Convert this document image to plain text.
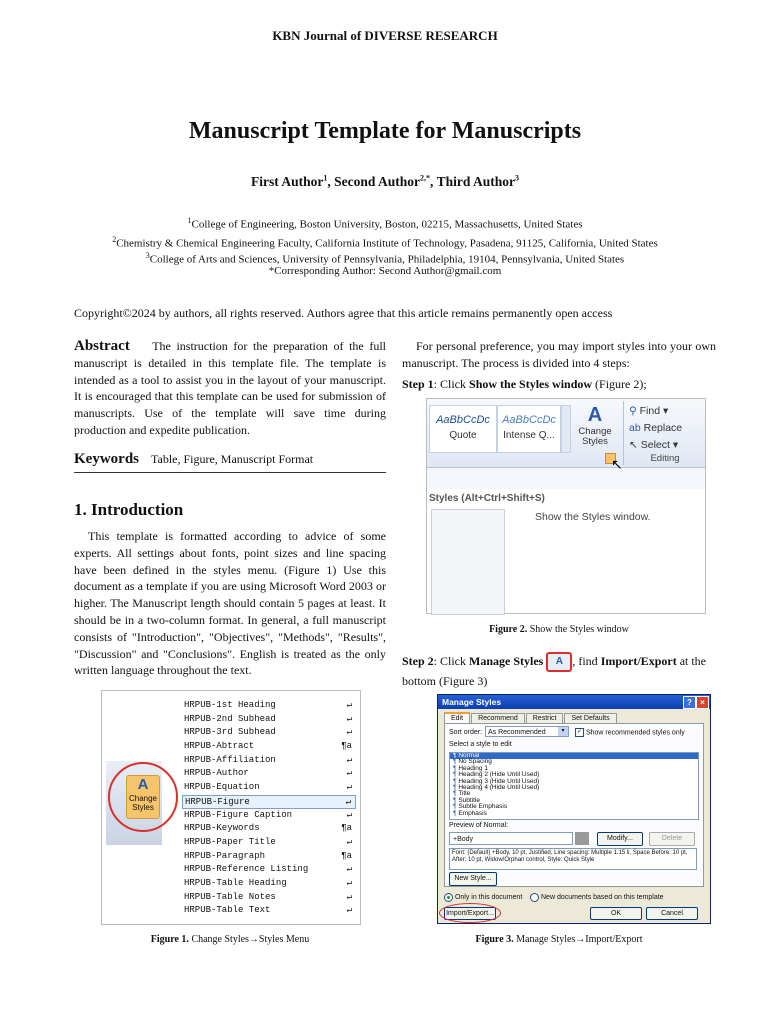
KBN Journal of DIVERSE RESEARCH
Manuscript Template for Manuscripts
First Author$^1$, Second Author$^{2,*}$, Third Author$^3$
$^1$College of Engineering, Boston University, Boston, 02215, Massachusetts, United States
$^2$Chemistry & Chemical Engineering Faculty, California Institute of Technology, Pasadena, 91125, California, United States
$^3$College of Arts and Sciences, University of Pennsylvania, Philadelphia, 19104, Pennsylvania, United States
*Corresponding Author: Second Author@gmail.com
Copyright©2024 by authors, all rights reserved. Authors agree that this article remains permanently open access
Abstract The instruction for the preparation of the full manuscript is detailed in this template file. The template is intended as a tool to assist you in the layout of your manuscript. It is encouraged that this template can be used for submission of manuscripts. Use of the template will save time during production and expedite publication.
Keywords Table, Figure, Manuscript Format
1. Introduction
This template is formatted according to advice of some experts. All settings about fonts, point sizes and line spacing have been defined in the styles menu. (Figure 1) Use this document as a template if you are using Microsoft Word 2003 or higher. The Manuscript length should contain 5 pages at least. It should be in a two-column format. In general, a full manuscript consists of "Introduction", "Objectives", "Methods", "Results", "Discussion" and "Conclusions". English is treated as the only written language throughout the text.
A
Change Styles
HRPUB-1st Heading	↵
HRPUB-2nd Subhead	↵
HRPUB-3rd Subhead	↵
HRPUB-Abtract	¶a
HRPUB-Affiliation	↵
HRPUB-Author	↵
HRPUB-Equation	↵
HRPUB-Figure	↵
HRPUB-Figure Caption	↵
HRPUB-Keywords	¶a
HRPUB-Paper Title	↵
HRPUB-Paragraph	¶a
HRPUB-Reference Listing	↵
HRPUB-Table Heading	↵
HRPUB-Table Notes	↵
HRPUB-Table Text	↵
Figure 1. Change Styles→Styles Menu
For personal preference, you may import styles into your own manuscript. The process is divided into 4 steps:
Step 1: Click Show the Styles window (Figure 2);
AaBbCcDc
Quote
AaBbCcDc
Intense Q...
A
Change Styles
↖
⚲ Find ▾
ab Replace
↖ Select ▾
Editing
Styles (Alt+Ctrl+Shift+S)
Show the Styles window.
Figure 2. Show the Styles window
Step 2: Click Manage Styles A , find Import/Export at the bottom (Figure 3)
Manage Styles	?	×
Edit Recommend Restrict Set Defaults
Sort order: As Recommended	▾	✓ Show recommended styles only
Select a style to edit
¶ Normal
¶ No Spacing
¶ Heading 1
¶ Heading 2 (Hide Until Used)
¶ Heading 3 (Hide Until Used)
¶ Heading 4 (Hide Until Used)
¶ Title
¶ Subtitle
¶ Subtle Emphasis
¶ Emphasis
Preview of Normal:
+Body	Modify...	Delete
Font: (Default) +Body, 10 pt, Justified, Line spacing: Multiple 1.15 li, Space Before: 10 pt, After: 10 pt, Widow/Orphan control, Style: Quick Style
New Style...
Only in this document	New documents based on this template
Import/Export...	OK	Cancel
Figure 3. Manage Styles→Import/Export
